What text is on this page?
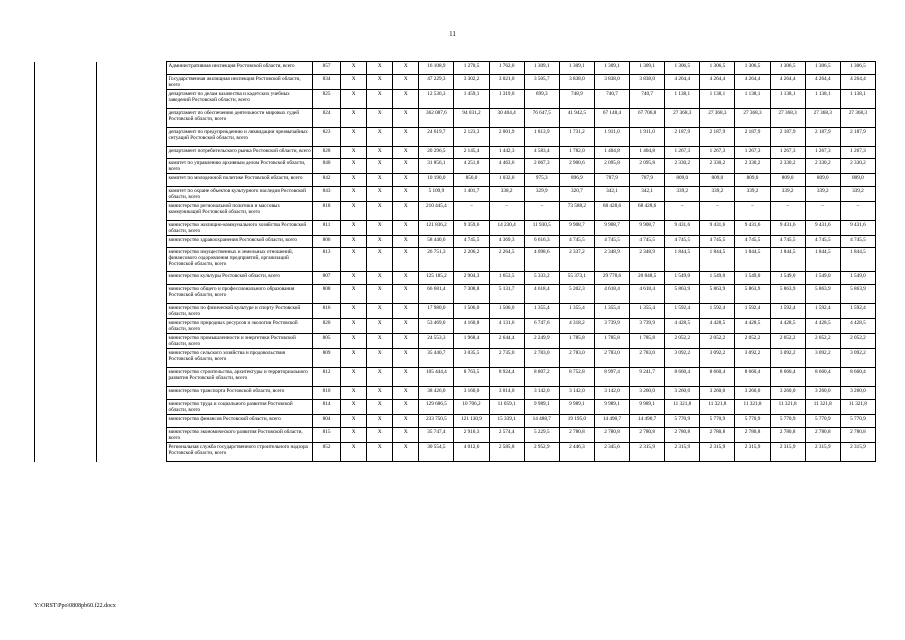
11
		Административная инспекция Ростовской области, всего	857	X	X	X	16 108,9	1 270,5	1 762,0	1 309,1	1 309,1	1 309,1	1 309,1	1 306,5	1 306,5	1 306,5	1 306,5	1 306,5	1 306,5
		Государственная жилищная инспекция Ростовской области, всего	834	X	X	X	47 229,3	3 302,2	3 021,0	3 505,7	3 838,0	3 838,0	3 838,0	4 264,4	4 264,4	4 264,4	4 264,4	4 264,4	4 264,4
		департамент по делам казачества и кадетских учебных заведений Ростовской области, всего	825	X	X	X	12 536,3	1 459,1	1 319,0	699,3	748,9	740,7	740,7	1 138,1	1 138,1	1 138,1	1 138,1	1 138,1	1 138,1
		департамент по обеспечению деятельности мировых судей Ростовской области, всего	824	X	X	X	362 087,6	94 031,2	30 404,4	76 647,5	41 942,5	67 148,4	67 706,8	27 368,3	27 368,3	27 368,3	27 368,3	27 368,3	27 368,3
		департамент по предупреждению и ликвидации чрезвычайных ситуаций Ростовской области, всего	823	X	X	X	24 619,7	2 123,3	2 001,9	1 813,9	1 731,2	1 911,0	1 911,0	2 187,9	2 187,9	2 187,9	2 187,9	2 187,9	2 187,9
		департамент потребительского рынка Ростовской области, всего	828	X	X	X	20 296,5	2 145,4	1 442,3	4 583,4	1 782,0	1 404,8	1 404,8	1 267,3	1 267,3	1 267,3	1 267,3	1 267,3	1 267,3
		комитет по управлению архивным делом Ростовской области, всего	840	X	X	X	31 856,1	4 251,8	4 463,6	2 067,3	2 900,6	2 095,8	2 095,8	2 330,2	2 330,2	2 330,2	2 330,2	2 330,2	2 330,2
		комитет по молодежной политике Ростовской области, всего	842	X	X	X	10 190,0	856,0	1 032,0	975,3	896,9	787,9	787,9	809,0	809,0	809,0	809,0	809,0	809,0
		комитет по охране объектов культурного наследия Ростовской области, всего	843	X	X	X	5 109,9	1 401,7	338,2	329,9	320,7	342,1	342,1	339,2	339,2	339,2	339,2	339,2	339,2
		министерство региональной политики и массовых коммуникаций Ростовской области, всего	818	X	X	X	210 445,4	–	–	–	73 588,2	68 428,6	68 428,6	–	–	–	–	–	–
		министерство жилищно-коммунального хозяйства Ростовской области, всего	811	X	X	X	121 836,2	9 359,6	14 230,4	11 930,5	9 908,7	9 908,7	9 908,7	9 431,6	9 431,6	9 431,6	9 431,6	9 431,6	9 431,6
		министерство здравоохранения Ростовской области, всего	806	X	X	X	58 440,6	4 745,5	4 369,3	6 616,3	4 745,5	4 745,5	4 745,5	4 745,5	4 745,5	4 745,5	4 745,5	4 745,5	4 745,5
		министерство имущественных и земельных отношений, финансового оздоровления предприятий, организаций Ростовской области, всего	813	X	X	X	26 751,3	2 206,2	2 264,5	4 098,6	2 337,2	2 348,9	2 348,9	1 844,5	1 844,5	1 844,5	1 844,5	1 844,5	1 844,5
		министерство культуры Ростовской области, всего	807	X	X	X	125 185,2	2 904,3	1 653,5	5 333,2	55 373,1	29 778,6	20 848,5	1 549,0	1 549,0	1 549,0	1 549,0	1 549,0	1 549,0
		министерство общего и профессионального образования Ростовской области, всего	808	X	X	X	66 681,4	7 308,8	5 131,7	4 618,4	5 202,3	4 618,4	4 618,4	5 863,9	5 863,9	5 863,9	5 863,9	5 863,9	5 863,9
		министерство по физической культуре и спорту Ростовской области, всего	816	X	X	X	17 980,0	1 506,0	1 506,0	1 355,4	1 355,4	1 355,4	1 355,4	1 592,4	1 592,4	1 592,4	1 592,4	1 592,4	1 592,4
		министерство природных ресурсов и экологии Ростовской области, всего	820	X	X	X	53 469,0	4 160,8	4 131,6	6 747,6	4 318,2	3 739,9	3 739,9	4 428,5	4 428,5	4 428,5	4 428,5	4 428,5	4 428,5
		министерство промышленности и энергетики Ростовской области, всего	805	X	X	X	24 553,3	1 968,4	2 644,4	2 249,9	1 785,8	1 785,8	1 785,8	2 052,2	2 052,2	2 052,2	2 052,2	2 052,2	2 052,2
		министерство сельского хозяйства и продовольствия Ростовской области, всего	809	X	X	X	35 440,7	3 035,5	2 735,0	2 783,0	2 783,0	2 783,0	2 783,0	3 092,2	3 092,2	3 092,2	3 092,2	3 092,2	3 092,2
		министерство строительства, архитектуры и территориального развития Ростовской области, всего	812	X	X	X	105 444,4	8 763,5	8 924,4	8 807,2	8 752,8	8 997,4	9 241,7	8 660,4	8 660,4	8 660,4	8 660,4	8 660,4	8 660,4
		министерство транспорта Ростовской области, всего	810	X	X	X	38 426,0	3 160,0	3 014,0	3 142,0	3 142,0	3 142,0	3 260,0	3 260,0	3 260,0	3 260,0	3 260,0	3 260,0	3 260,0
		министерство труда и социального развития Ростовской области, всего	814	X	X	X	129 686,5	10 706,2	11 059,1	9 989,1	9 989,1	9 989,1	9 989,1	11 321,8	11 321,8	11 321,8	11 321,8	11 321,8	11 321,8
		министерство финансов Ростовской области, всего	804	X	X	X	233 750,5	121 130,9	15 339,1	14 488,7	19 195,0	14 490,7	14 490,7	5 770,9	5 770,9	5 770,9	5 770,9	5 770,9	5 770,9
		министерство экономического развития Ростовской области, всего	815	X	X	X	35 747,4	2 916,3	2 574,4	5 229,5	2 780,8	2 780,8	2 780,8	2 780,8	2 780,8	2 780,8	2 780,8	2 780,8	2 780,8
		Региональная служба государственного строительного надзора Ростовской области, всего	852	X	X	X	30 554,5	4 012,6	2 585,8	2 952,9	2 446,3	2 345,6	2 315,9	2 315,9	2 315,9	2 315,9	2 315,9	2 315,9	2 315,9
Y:\ORST\Ppo\0808pb60.f22.docx
